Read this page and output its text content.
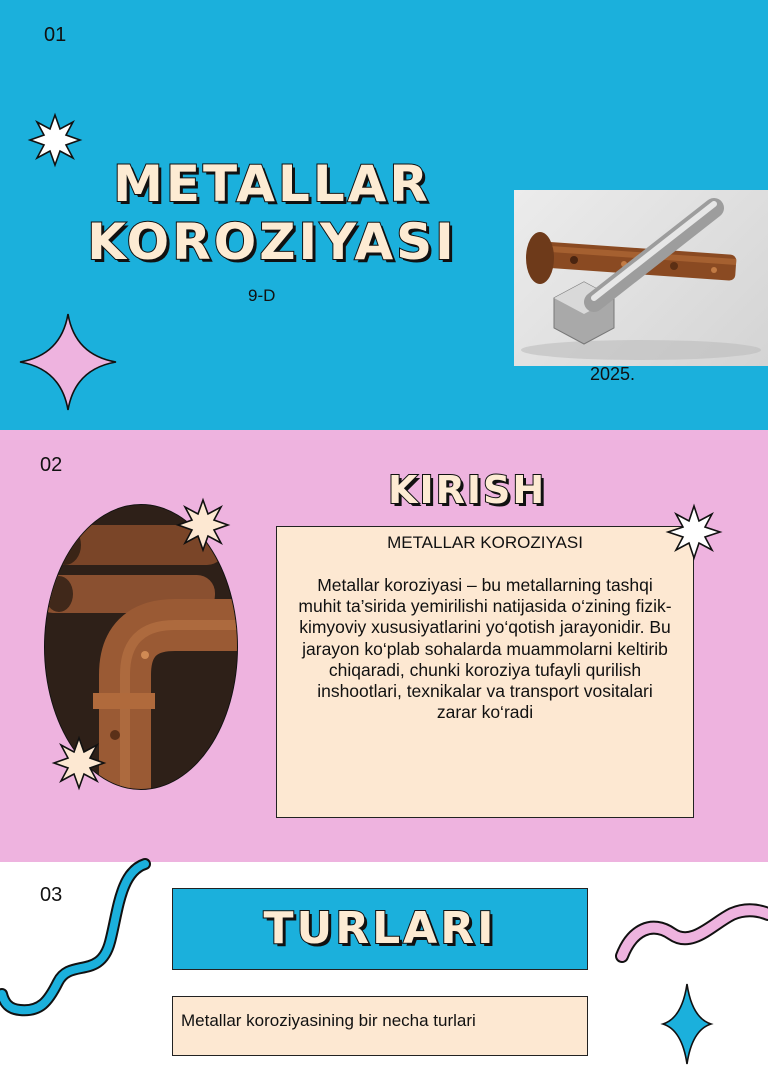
01
METALLAR
KOROZIYASI
9-D
2025.
02
KIRISH
METALLAR KOROZIYASI
Metallar koroziyasi – bu metallarning tashqi muhit ta’sirida yemirilishi natijasida o‘zining fizik-kimyoviy xususiyatlarini yo‘qotish jarayonidir. Bu jarayon ko‘plab sohalarda muammolarni keltirib chiqaradi, chunki koroziya tufayli qurilish inshootlari, texnikalar va transport vositalari zarar ko‘radi
03
TURLARI
Metallar koroziyasining bir necha turlari
